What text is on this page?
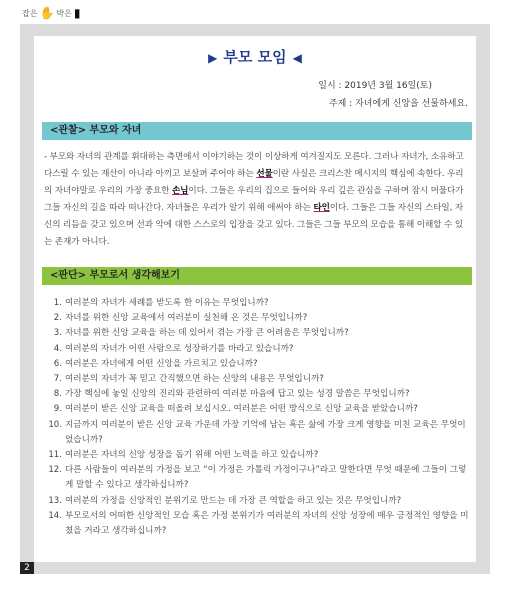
잡은 ✋ 박은 ▮
▶ 부모 모임 ◀
일시 : 2019년 3월 16일(토)
주제 : 자녀에게 신앙을 선물하세요.
<관찰> 부모와 자녀
- 부모와 자녀의 관계를 휘대하는 측면에서 이야기하는 것이 이상하게 여겨질지도 모른다. 그러나 자녀가, 소유하고 다스릴 수 있는 재산이 아니라 아끼고 보살펴 주어야 하는 선물이란 사실은 크리스찬 메시지의 핵심에 속한다. 우리의 자녀야말로 우리의 가장 중요한 손님이다. 그들은 우리의 집으로 들어와 우리 깊은 관심을 구하며 잠시 머물다가 그들 자신의 길을 따라 떠나간다. 자녀들은 우리가 알기 위해 애써야 하는 타인이다. 그들은 그들 자신의 스타일, 자신의 리듬을 갖고 있으며 선과 악에 대한 스스로의 입장을 갖고 있다. 그들은 그들 부모의 모습을 통해 이해할 수 있는 존재가 아니다.
<판단> 부모로서 생각해보기
1. 여러분의 자녀가 세례를 받도록 한 이유는 무엇입니까?
2. 자녀를 위한 신앙 교육에서 여러분이 실천해 온 것은 무엇입니까?
3. 자녀를 위한 신앙 교육을 하는 데 있어서 겪는 가장 큰 어려움은 무엇입니까?
4. 여러분의 자녀가 어떤 사람으로 성장하기를 바라고 있습니까?
6. 여러분은 자녀에게 어떤 신앙을 가르치고 있습니까?
7. 여러분의 자녀가 꼭 믿고 간직했으면 하는 신앙의 내용은 무엇입니까?
8. 가장 핵심에 놓일 신앙의 진리와 관련하여 여러분 마음에 답고 있는 성경 말씀은 무엇입니까?
9. 여러분이 받은 신앙 교육을 떠올려 보십시오. 여러분은 어떤 방식으로 신앙 교육을 받았습니까?
10. 지금까지 여러분이 받은 신앙 교육 가운데 가장 기억에 남는 혹은 삶에 가장 크게 영향을 미친 교육은 무엇이었습니까?
11. 여러분은 자녀의 신앙 성장을 돕기 위해 어떤 노력을 하고 있습니까?
12. 다른 사람들이 여러분의 가정을 보고 “이 가정은 가톨릭 가정이구나”라고 말한다면 무엇 때문에 그들이 그렇게 말할 수 있다고 생각하십니까?
13. 여러분의 가정을 신앙적인 분위기로 만드는 데 가장 큰 역할을 하고 있는 것은 무엇입니까?
14. 부모로서의 어떠한 신앙적인 모습 혹은 가정 분위기가 여러분의 자녀의 신앙 성장에 매우 긍정적인 영향을 미쳤을 거라고 생각하십니까?
2
